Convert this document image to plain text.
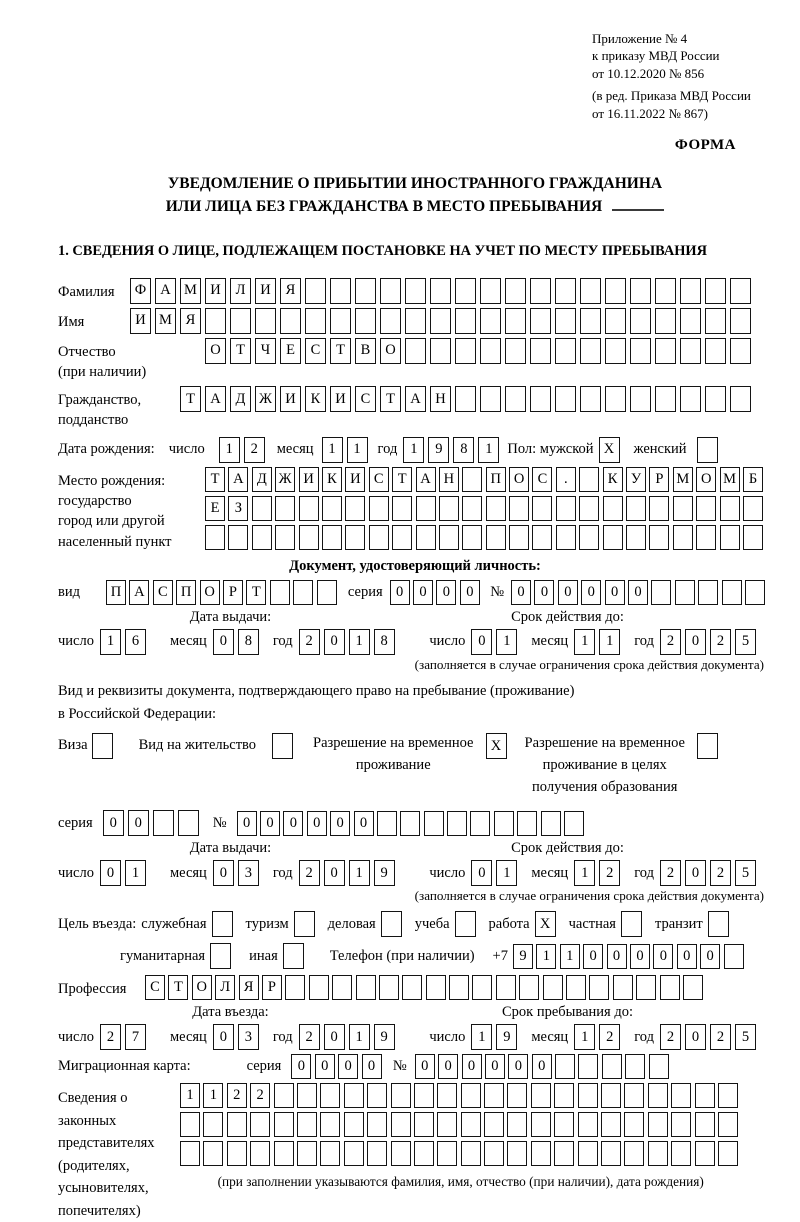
Приложение № 4
к приказу МВД России
от 10.12.2020 № 856
(в ред. Приказа МВД России
от 16.11.2022 № 867)
ФОРМА
УВЕДОМЛЕНИЕ О ПРИБЫТИИ ИНОСТРАННОГО ГРАЖДАНИНА
ИЛИ ЛИЦА БЕЗ ГРАЖДАНСТВА В МЕСТО ПРЕБЫВАНИЯ
1. СВЕДЕНИЯ О ЛИЦЕ, ПОДЛЕЖАЩЕМ ПОСТАНОВКЕ НА УЧЕТ ПО МЕСТУ ПРЕБЫВАНИЯ
Фамилия	Ф А М И	Л	И	Я
Имя	И М Я
Отчество
(при наличии)
О	Т	Ч	Е	С	Т	В	О
Гражданство,
подданство
Т	А	Д Ж И	К	И	С	Т	А	Н
Дата рождения: число	1	2	месяц	1	1	год 1	9	8	1	Пол: мужской X	женский
Место рождения:
государство
город или другой
населенный пункт
Т А Д Ж И К И С Т А Н	П О С	.	К У Р М О М Б
Е	З
Документ, удостоверяющий личность:
вид	П А С П О Р	Т	серия 0	0	0	0	№ 0	0	0	0	0	0
Дата выдачи:	Срок действия до:
число 1	6	месяц 0	8	год 2	0	1	8	число 0	1	месяц 1	1	год 2	0	2	5
(заполняется в случае ограничения срока действия документа)
Вид и реквизиты документа, подтверждающего право на пребывание (проживание)
в Российской Федерации:
Виза	Вид на жительство	Разрешение на временное
проживание
X	Разрешение на временное
проживание в целях
получения образования
серия	0	0	№	0	0	0	0	0	0
Дата выдачи:	Срок действия до:
число 0	1	месяц 0	3	год 2	0	1	9	число 0	1	месяц 1	2	год 2	0	2	5
(заполняется в случае ограничения срока действия документа)
Цель въезда: служебная	туризм	деловая	учеба	работа X	частная	транзит
гуманитарная	иная	Телефон (при наличии) +7 9	1	1	0	0	0	0	0	0
Профессия	С Т О Л Я	Р
Дата въезда:	Срок пребывания до:
число 2	7	месяц 0	3	год 2	0	1	9	число 1	9	месяц 1	2	год 2	0	2	5
Миграционная карта:	серия	0	0	0	0	№ 0	0	0	0	0	0
Сведения о
законных
представителях
(родителях,
усыновителях,
попечителях)
1	1	2	2
(при заполнении указываются фамилия, имя, отчество (при наличии), дата рождения)
